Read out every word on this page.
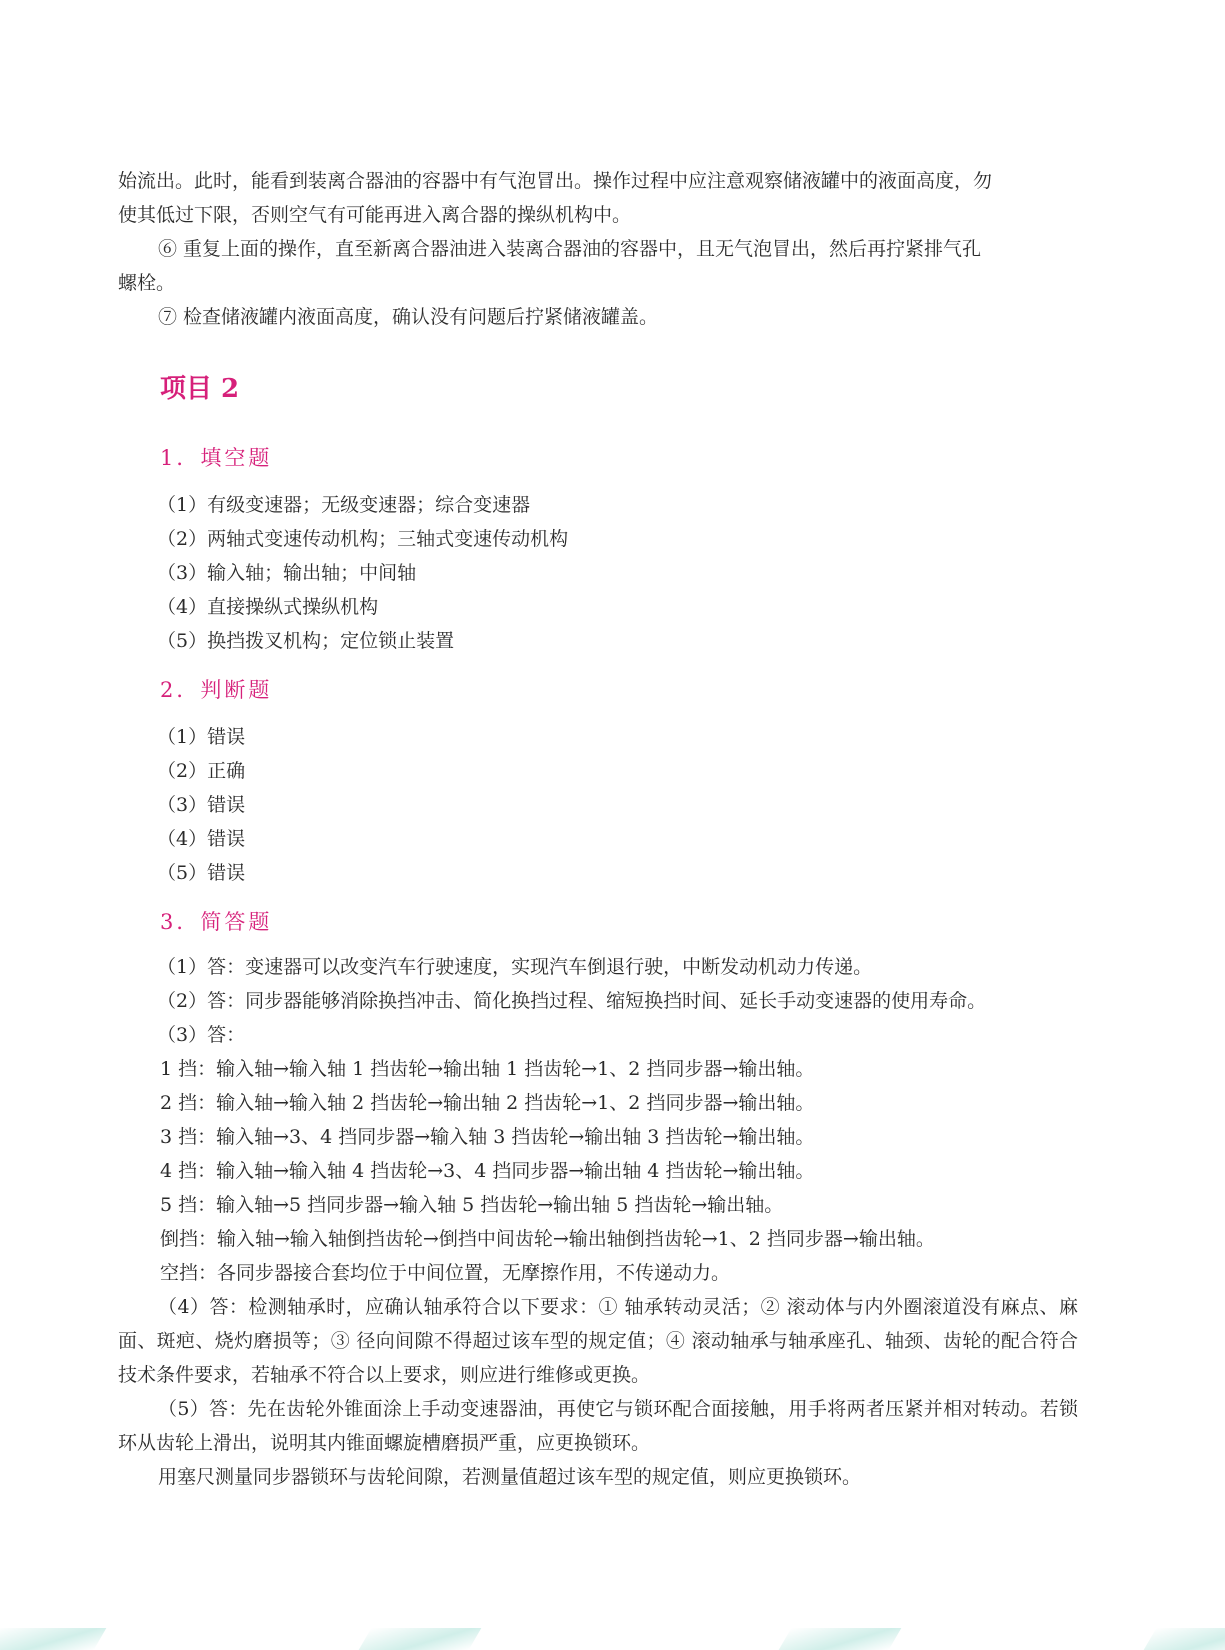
始流出。此时，能看到装离合器油的容器中有气泡冒出。操作过程中应注意观察储液罐中的液面高度，勿

使其低过下限，否则空气有可能再进入离合器的操纵机构中。

⑥ 重复上面的操作，直至新离合器油进入装离合器油的容器中，且无气泡冒出，然后再拧紧排气孔

螺栓。

⑦ 检查储液罐内液面高度，确认没有问题后拧紧储液罐盖。

项目 2
1．填空题
（1）有级变速器；无级变速器；综合变速器
（2）两轴式变速传动机构；三轴式变速传动机构
（3）输入轴；输出轴；中间轴
（4）直接操纵式操纵机构
（5）换挡拨叉机构；定位锁止装置
2．判断题
（1）错误
（2）正确
（3）错误
（4）错误
（5）错误
3．简答题
（1）答：变速器可以改变汽车行驶速度，实现汽车倒退行驶，中断发动机动力传递。
（2）答：同步器能够消除换挡冲击、简化换挡过程、缩短换挡时间、延长手动变速器的使用寿命。
（3）答：
1 挡：输入轴→输入轴 1 挡齿轮→输出轴 1 挡齿轮→1、2 挡同步器→输出轴。
2 挡：输入轴→输入轴 2 挡齿轮→输出轴 2 挡齿轮→1、2 挡同步器→输出轴。
3 挡：输入轴→3、4 挡同步器→输入轴 3 挡齿轮→输出轴 3 挡齿轮→输出轴。
4 挡：输入轴→输入轴 4 挡齿轮→3、4 挡同步器→输出轴 4 挡齿轮→输出轴。
5 挡：输入轴→5 挡同步器→输入轴 5 挡齿轮→输出轴 5 挡齿轮→输出轴。
倒挡：输入轴→输入轴倒挡齿轮→倒挡中间齿轮→输出轴倒挡齿轮→1、2 挡同步器→输出轴。
空挡：各同步器接合套均位于中间位置，无摩擦作用，不传递动力。

（4）答：检测轴承时，应确认轴承符合以下要求：① 轴承转动灵活；② 滚动体与内外圈滚道没有麻点、麻面、斑疤、烧灼磨损等；③ 径向间隙不得超过该车型的规定值；④ 滚动轴承与轴承座孔、轴颈、齿轮的配合符合技术条件要求，若轴承不符合以上要求，则应进行维修或更换。

（5）答：先在齿轮外锥面涂上手动变速器油，再使它与锁环配合面接触，用手将两者压紧并相对转动。若锁环从齿轮上滑出，说明其内锥面螺旋槽磨损严重，应更换锁环。

用塞尺测量同步器锁环与齿轮间隙，若测量值超过该车型的规定值，则应更换锁环。
